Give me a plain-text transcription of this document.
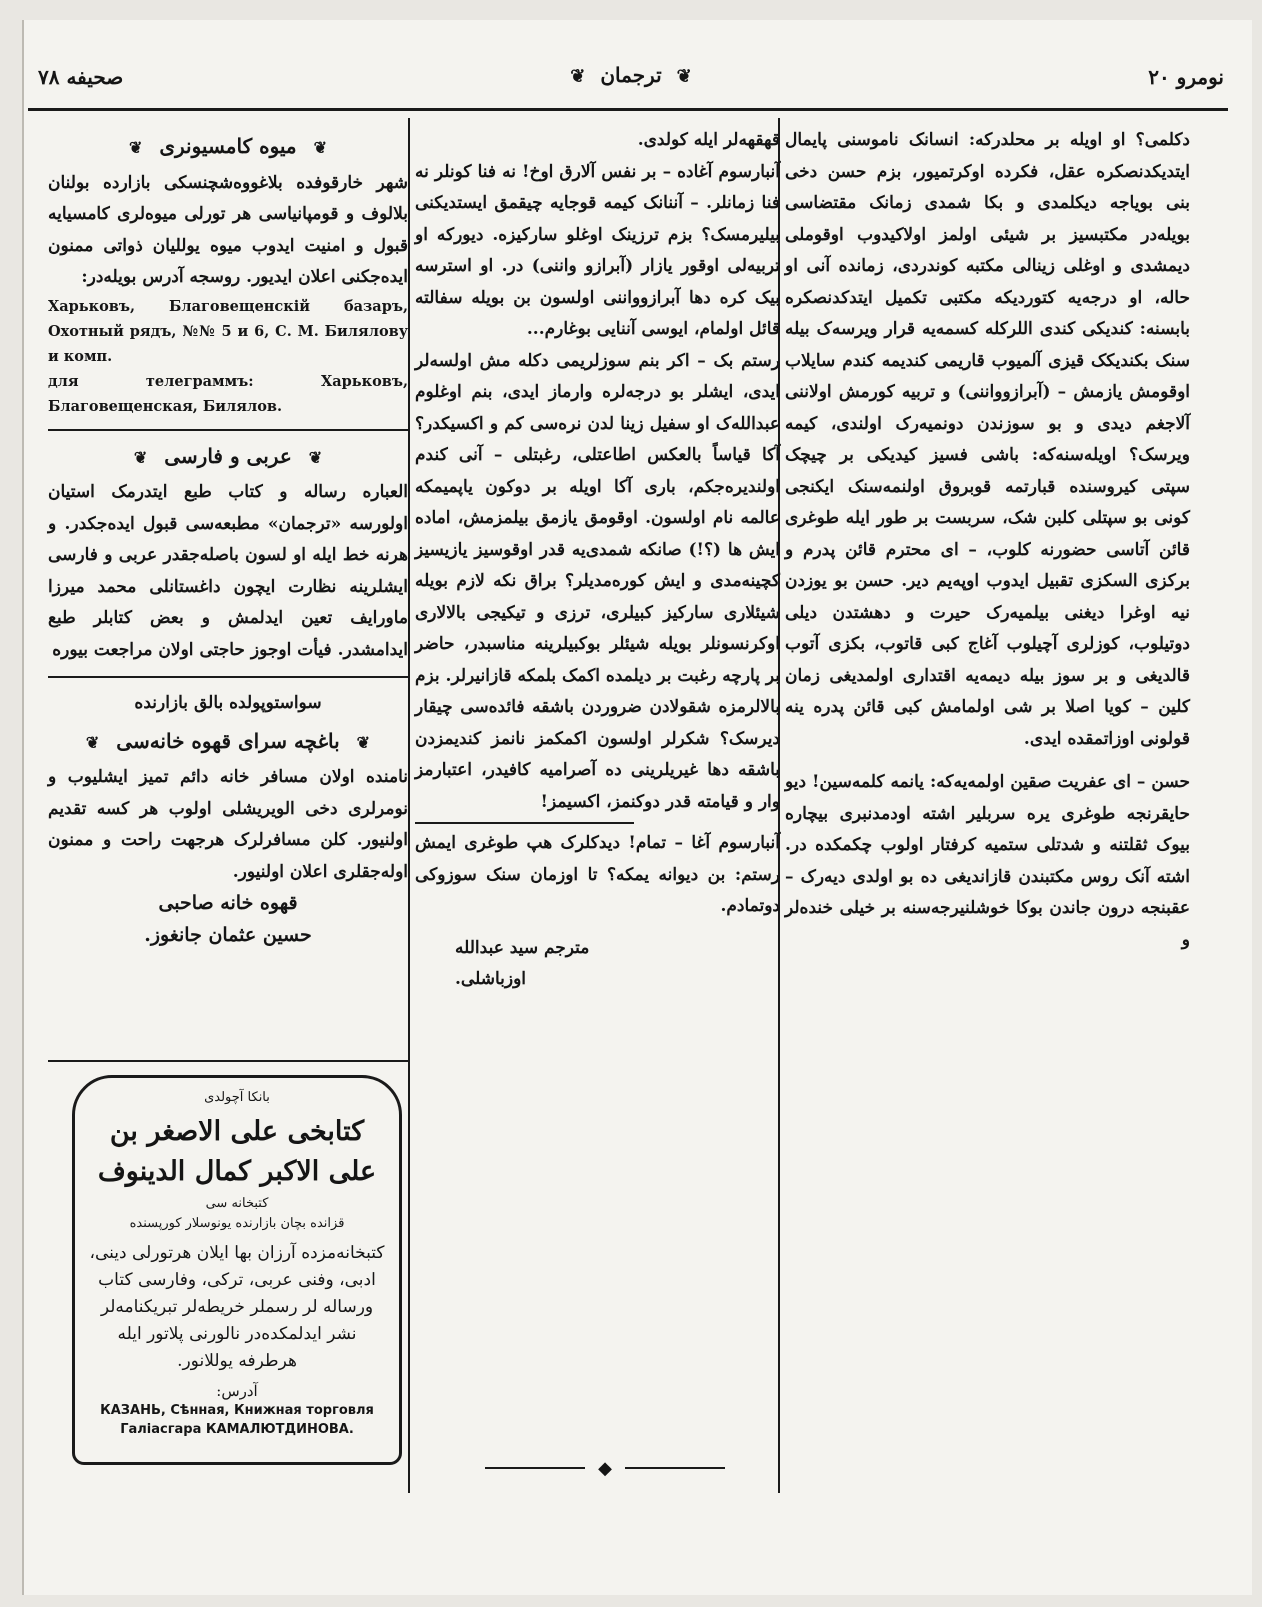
نومرو ٢٠
❦ ترجمان ❦
صحیفه ٧٨

دکلمی؟ او اویله بر محلدرکه: انسانک ناموسنی پایمال ایتدیکدنصکره عقل، فکرده اوکرتمیور، بزم حسن دخی بنی بویاجه دیکلمدی و بکا شمدی زمانک مقتضاسی بویله‌در مکتبسیز بر شیئی اولمز اولاکیدوب اوقوملی دیمشدی و اوغلی زینالی مکتبه کوندردی، زمانده آنی او حاله، او درجه‌یه کتوردیکه مکتبی تکمیل ایتدکدنصکره بابسنه: کندیکی کندی اللرکله کسمه‌یه قرار ویرسه‌ک بیله سنک بکندیکک قیزی آلمیوب قاریمی کندیمه کندم سایلاب اوقومش یازمش – (آبرازوواننی) و تربیه کورمش اولاننی آلاجغم دیدی و بو سوزندن دونمیه‌رک اولندی، کیمه ویرسک؟ اویله‌سنه‌که: باشی فسیز کیدیکی بر چیچک سپتی کیروسنده قبارتمه قوبروق اولنمه‌سنک ایکنجی کونی بو سپتلی کلبن شک، سربست بر طور ایله طوغری قائن آتاسی حضورنه کلوب، – ای محترم قائن پدرم و برکزی السکزی تقبیل ایدوب اوپه‌یم دیر. حسن بو یوزدن نیه اوغرا دیغنی بیلمیه‌رک حیرت و دهشتدن دیلی دوتیلوب، کوزلری آچیلوب آغاج کبی قاتوب، بکزی آتوب قالدیغی و بر سوز بیله دیمه‌یه اقتداری اولمدیغی زمان کلین – کویا اصلا بر شی اولمامش کبی قائن پدره ینه قولونی اوزاتمقده ایدی.

حسن – ای عفریت صقین اولمه‌یه‌که: یانمه کلمه‌سین! دیو حایقرنجه طوغری یره سربلیر اشته اودمدنبری بیچاره بیوک ثقلتنه و شدتلی ستمیه کرفتار اولوب چکمکده در. اشته آنک روس مکتبندن قازاندیغی ده بو اولدی دیه‌رک – عقبنجه درون جاندن بوکا خوشلنیرجه‌سنه بر خیلی خنده‌لر و

قهقهه‌لر ایله کولدی.

آنبارسوم آغاده – بر نفس آلارق اوخ! نه فنا کونلر نه فنا زمانلر. – آننانک کیمه قوجایه چیقمق ایستدیکنی بیلیرمسک؟ بزم ترزینک اوغلو سارکیزه. دیورکه او تربیه‌لی اوقور یازار (آبرازو واننی) در. او استرسه بیک کره دها آبرازوواننی اولسون بن بویله سفالته قائل اولمام، ایوسی آننایی بوغارم...

رستم بک – اکر بنم سوزلریمی دکله مش اولسه‌لر ایدی، ایشلر بو درجه‌لره وارماز ایدی، بنم اوغلوم عبدالله‌ک او سفیل زینا لدن نره‌سی کم و اکسیکدر؟ آکا قیاساً بالعکس اطاعتلی، رغبتلی – آنی کندم اولندیره‌جکم، باری آکا اویله بر دوکون یاپمیمکه عالمه نام اولسون. اوقومق یازمق بیلمزمش، اماده ایش ها (؟!) صانکه شمدی‌یه قدر اوقوسیز یازیسیز کچینه‌مدی و ایش کوره‌مدیلر؟ براق نکه لازم بویله شیئلاری سارکیز کبیلری، ترزی و تیکیجی بالالاری اوکرنسونلر بویله شیئلر بوکبیلرینه مناسبدر، حاضر بر پارچه رغبت بر دیلمده اکمک بلمکه قازانیرلر. بزم بالالرمزه شقولادن ضروردن باشقه فائده‌سی چیقار دیرسک؟ شکرلر اولسون اکمکمز نانمز کندیمزدن باشقه دها غیریلرینی ده آصرامیه کافیدر، اعتبارمز وار و قیامته قدر دوکنمز، اکسیمز!

آنبارسوم آغا – تمام! دیدکلرک هپ طوغری ایمش رستم: بن دیوانه یمکه؟ تا اوزمان سنک سوزوکی دوتمادم.

مترجم سید عبدالله
اوزباشلی.
◆
❦ میوه کامسیونری ❦

شهر خارقوفده بلاغوو‌ه‌شچنسکی بازارده بولنان بلالوف و قومپانیاسی هر تورلی میوه‌لری کامسیایه قبول و امنیت ایدوب میوه یوللیان ذواتی ممنون ایده‌جکنی اعلان ایدیور. روسجه آدرس بویله‌در:

Харьковъ, Благовещенскій базаръ, Охотный рядъ, №№ 5 и 6, С. М. Билялову и комп.

для телеграммъ: Харьковъ, Благовещенская, Билялов.

❦ عربی و فارسی ❦

العباره رساله و کتاب طبع ایتدرمک استیان اولورسه «ترجمان» مطبعه‌سی قبول ایده‌جکدر. و هرنه خط ایله او لسون باصله‌جقدر عربی و فارسی ایشلرینه نظارت ایچون داغستانلی محمد میرزا ماورایف تعین ایدلمش و بعض کتابلر طبع ایدامشدر. فیأت اوجوز حاجتی اولان مراجعت بیوره

سواستوپولده بالق بازارنده
❦ باغچه سرای قهوه خانه‌سی ❦

نامنده اولان مسافر خانه دائم تمیز ایشلیوب و نومرلری دخی الویریشلی اولوب هر کسه تقدیم اولنیور. کلن مسافرلرک هرجهت راحت و ممنون اوله‌جقلری اعلان اولنیور.

قهوه خانه صاحبی
حسین عثمان جانغوز.
بانکا آچولدی
کتابخی علی الاصغر بن علی الاکبر کمال الدینوف
کتبخانه سی
قزانده بچان بازارنده یونوسلار کورپسنده
کتبخانه‌مزده آرزان بها ایلان هرتورلی دینی، ادبی، وفنی عربی، ترکی، وفارسی کتاب ورساله لر رسملر خریطه‌لر تبریکنامه‌لر نشر ایدلمکده‌در نالورنی پلاتور ایله هرطرفه یوللانور.
آدرس:
КАЗАНЬ, Сѣнная, Книжная торговля
Галіасгара КАМАЛЮТДИНОВА.
